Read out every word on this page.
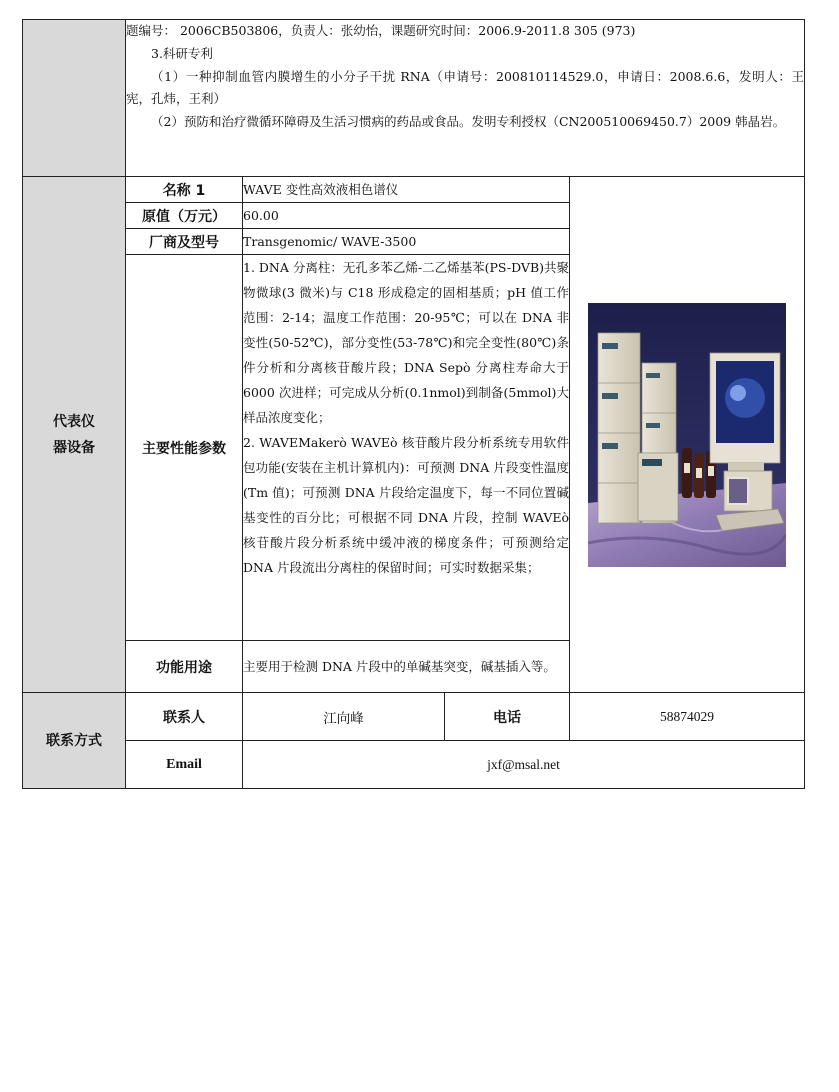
	题编号： 2006CB503806，负责人：张幼怡，课题研究时间：2006.9-2011.8 305 (973)

3.科研专利
（1）一种抑制血管内膜增生的小分子干扰 RNA（申请号：200810114529.0，申请日：2008.6.6，发明人：王宪，孔炜，王利）
（2）预防和治疗微循环障碍及生活习惯病的药品或食品。发明专利授权（CN200510069450.7）2009 韩晶岩。			

代表仪器设备	名称 1	WAVE 变性高效液相色谱仪	
	原值（万元）	60.00		
	厂商及型号	Transgenomic/ WAVE-3500		
	主要性能参数	1. DNA 分离柱：无孔多苯乙烯-二乙烯基苯(PS-DVB)共聚物微球(3 微米)与 C18 形成稳定的固相基质；pH 值工作范围：2-14；温度工作范围：20-95℃；可以在 DNA 非变性(50-52℃)，部分变性(53-78℃)和完全变性(80℃)条件分析和分离核苷酸片段；DNA Sepò 分离柱寿命大于 6000 次进样；可完成从分析(0.1nmol)到制备(5mmol)大样品浓度变化；

2. WAVEMakerò WAVEò 核苷酸片段分析系统专用软件包功能(安装在主机计算机内)：可预测 DNA 片段变性温度(Tm 值)；可预测 DNA 片段给定温度下，每一不同位置碱基变性的百分比；可根据不同 DNA 片段，控制 WAVEò 核苷酸片段分析系统中缓冲液的梯度条件；可预测给定 DNA 片段流出分离柱的保留时间；可实时数据采集；		

	功能用途	主要用于检测 DNA 片段中的单碱基突变，碱基插入等。		
联系方式	联系人	江向峰	电话	58874029
	Email	jxf@msal.net		
